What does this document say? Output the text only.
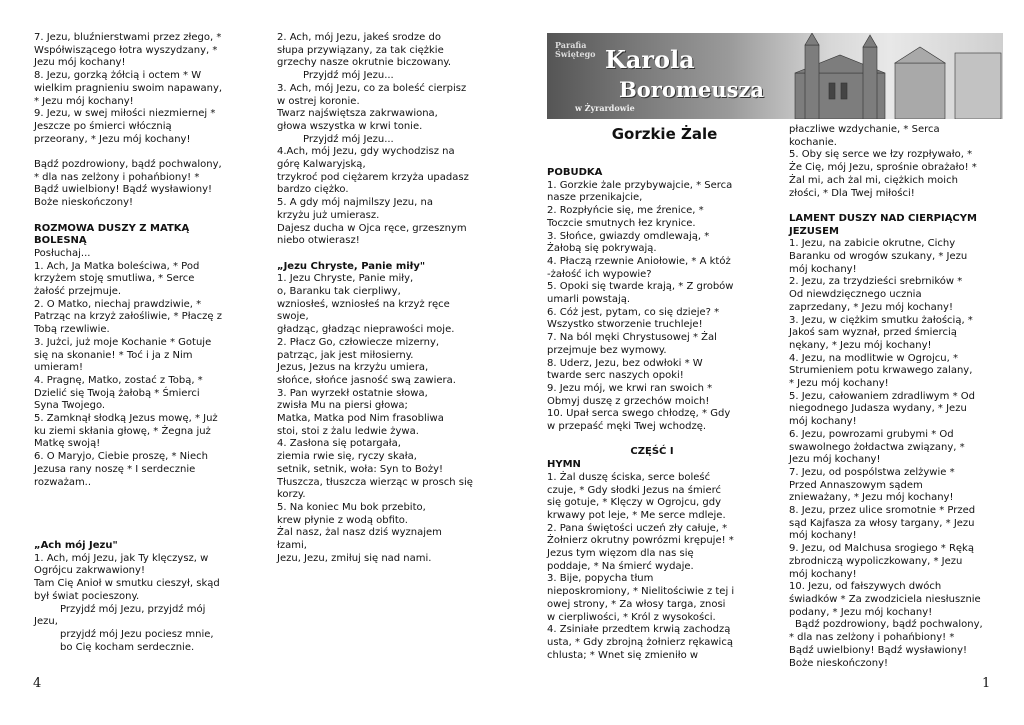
7. Jezu, bluźnierstwami przez złego, *
Współwiszącego łotra wyszydzany, *
Jezu mój kochany!
8. Jezu, gorzką żółcią i octem * W
wielkim pragnieniu swoim napawany,
* Jezu mój kochany!
9. Jezu, w swej miłości niezmiernej *
Jeszcze po śmierci włócznią
przeorany, * Jezu mój kochany!
Bądź pozdrowiony, bądź pochwalony,
* dla nas zelżony i pohańbiony! *
Bądź uwielbiony! Bądź wysławiony!
Boże nieskończony!
ROZMOWA DUSZY Z MATKĄ
BOLESNĄ
Posłuchaj...
1. Ach, Ja Matka boleściwa, * Pod
krzyżem stoję smutliwa, * Serce
żałość przejmuje.
2. O Matko, niechaj prawdziwie, *
Patrząc na krzyż załośliwie, * Płaczę z
Tobą rzewliwie.
3. Jużci, już moje Kochanie * Gotuje
się na skonanie! * Toć i ja z Nim
umieram!
4. Pragnę, Matko, zostać z Tobą, *
Dzielić się Twoją żałobą * Śmierci
Syna Twojego.
5. Zamknął słodką Jezus mowę, * Już
ku ziemi skłania głowę, * Żegna już
Matkę swoją!
6. O Maryjo, Ciebie proszę, * Niech
Jezusa rany noszę * I serdecznie
rozważam..
„Ach mój Jezu"
1. Ach, mój Jezu, jak Ty klęczysz, w
Ogrójcu zakrwawiony!
Tam Cię Anioł w smutku cieszył, skąd
był świat pocieszony.
Przyjdź mój Jezu, przyjdź mój
Jezu,
przyjdź mój Jezu pociesz mnie,
bo Cię kocham serdecznie.
2. Ach, mój Jezu, jakeś srodze do
słupa przywiązany, za tak ciężkie
grzechy nasze okrutnie biczowany.
Przyjdź mój Jezu...
3. Ach, mój Jezu, co za boleść cierpisz
w ostrej koronie.
Twarz najświętsza zakrwawiona,
głowa wszystka w krwi tonie.
Przyjdź mój Jezu...
4.Ach, mój Jezu, gdy wychodzisz na
górę Kalwaryjską,
trzykroć pod ciężarem krzyża upadasz
bardzo ciężko.
5. A gdy mój najmilszy Jezu, na
krzyżu już umierasz.
Dajesz ducha w Ojca ręce, grzesznym
niebo otwierasz!
„Jezu Chryste, Panie miły"
1. Jezu Chryste, Panie miły,
o, Baranku tak cierpliwy,
wzniosłeś, wzniosłeś na krzyż ręce
swoje,
gładząc, gładząc nieprawości moje.
2. Płacz Go, człowiecze mizerny,
patrząc, jak jest miłosierny.
Jezus, Jezus na krzyżu umiera,
słońce, słońce jasność swą zawiera.
3. Pan wyrzekł ostatnie słowa,
zwisła Mu na piersi głowa;
Matka, Matka pod Nim frasobliwa
stoi, stoi z żalu ledwie żywa.
4. Zasłona się potargała,
ziemia rwie się, ryczy skała,
setnik, setnik, woła: Syn to Boży!
Tłuszcza, tłuszcza wierząc w prosch się
korzy.
5. Na koniec Mu bok przebito,
krew płynie z wodą obfito.
Żal nasz, żal nasz dziś wyznajem
łzami,
Jezu, Jezu, zmiłuj się nad nami.
Parafia
Świętego Karola
Boromeusza
w Żyrardowie
Gorzkie Żale
POBUDKA
1. Gorzkie żale przybywajcie, * Serca
nasze przenikajcie,
2. Rozpłyńcie się, me źrenice, *
Toczcie smutnych łez krynice.
3. Słońce, gwiazdy omdlewają, *
Żałobą się pokrywają.
4. Płaczą rzewnie Aniołowie, * A któż
-żałość ich wypowie?
5. Opoki się twarde krają, * Z grobów
umarli powstają.
6. Cóż jest, pytam, co się dzieje? *
Wszystko stworzenie truchleje!
7. Na ból męki Chrystusowej * Żal
przejmuje bez wymowy.
8. Uderz, Jezu, bez odwłoki * W
twarde serc naszych opoki!
9. Jezu mój, we krwi ran swoich *
Obmyj duszę z grzechów moich!
10. Upał serca swego chłodzę, * Gdy
w przepaść męki Twej wchodzę.
CZĘŚĆ I
HYMN
1. Żal duszę ściska, serce boleść
czuje, * Gdy słodki Jezus na śmierć
się gotuje, * Klęczy w Ogrojcu, gdy
krwawy pot leje, * Me serce mdleje.
2. Pana świętości uczeń zły całuje, *
Żołnierz okrutny powrózmi krępuje! *
Jezus tym więzom dla nas się
poddaje, * Na śmierć wydaje.
3. Bije, popycha tłum
nieposkromiony, * Nielitościwie z tej i
owej strony, * Za włosy targa, znosi
w cierpliwości, * Król z wysokości.
4. Zsiniałe przedtem krwią zachodzą
usta, * Gdy zbrojną żołnierz rękawicą
chlusta; * Wnet się zmieniło w
płaczliwe wzdychanie, * Serca
kochanie.
5. Oby się serce we łzy rozpływało, *
Że Cię, mój Jezu, sprośnie obrażało! *
Żal mi, ach żal mi, ciężkich moich
złości, * Dla Twej miłości!
LAMENT DUSZY NAD CIERPIĄCYM
JEZUSEM
1. Jezu, na zabicie okrutne, Cichy
Baranku od wrogów szukany, * Jezu
mój kochany!
2. Jezu, za trzydzieści srebrników *
Od niewdzięcznego ucznia
zaprzedany, * Jezu mój kochany!
3. Jezu, w ciężkim smutku żałością, *
Jakoś sam wyznał, przed śmiercią
nękany, * Jezu mój kochany!
4. Jezu, na modlitwie w Ogrojcu, *
Strumieniem potu krwawego zalany,
* Jezu mój kochany!
5. Jezu, całowaniem zdradliwym * Od
niegodnego Judasza wydany, * Jezu
mój kochany!
6. Jezu, powrozami grubymi * Od
swawolnego żołdactwa związany, *
Jezu mój kochany!
7. Jezu, od pospólstwa zelżywie *
Przed Annaszowym sądem
znieważany, * Jezu mój kochany!
8. Jezu, przez ulice sromotnie * Przed
sąd Kajfasza za włosy targany, * Jezu
mój kochany!
9. Jezu, od Malchusa srogiego * Ręką
zbrodniczą wypoliczkowany, * Jezu
mój kochany!
10. Jezu, od fałszywych dwóch
świadków * Za zwodziciela niesłusznie
podany, * Jezu mój kochany!
Bądź pozdrowiony, bądź pochwalony,
* dla nas zelżony i pohańbiony! *
Bądź uwielbiony! Bądź wysławiony!
Boże nieskończony!
4	1
